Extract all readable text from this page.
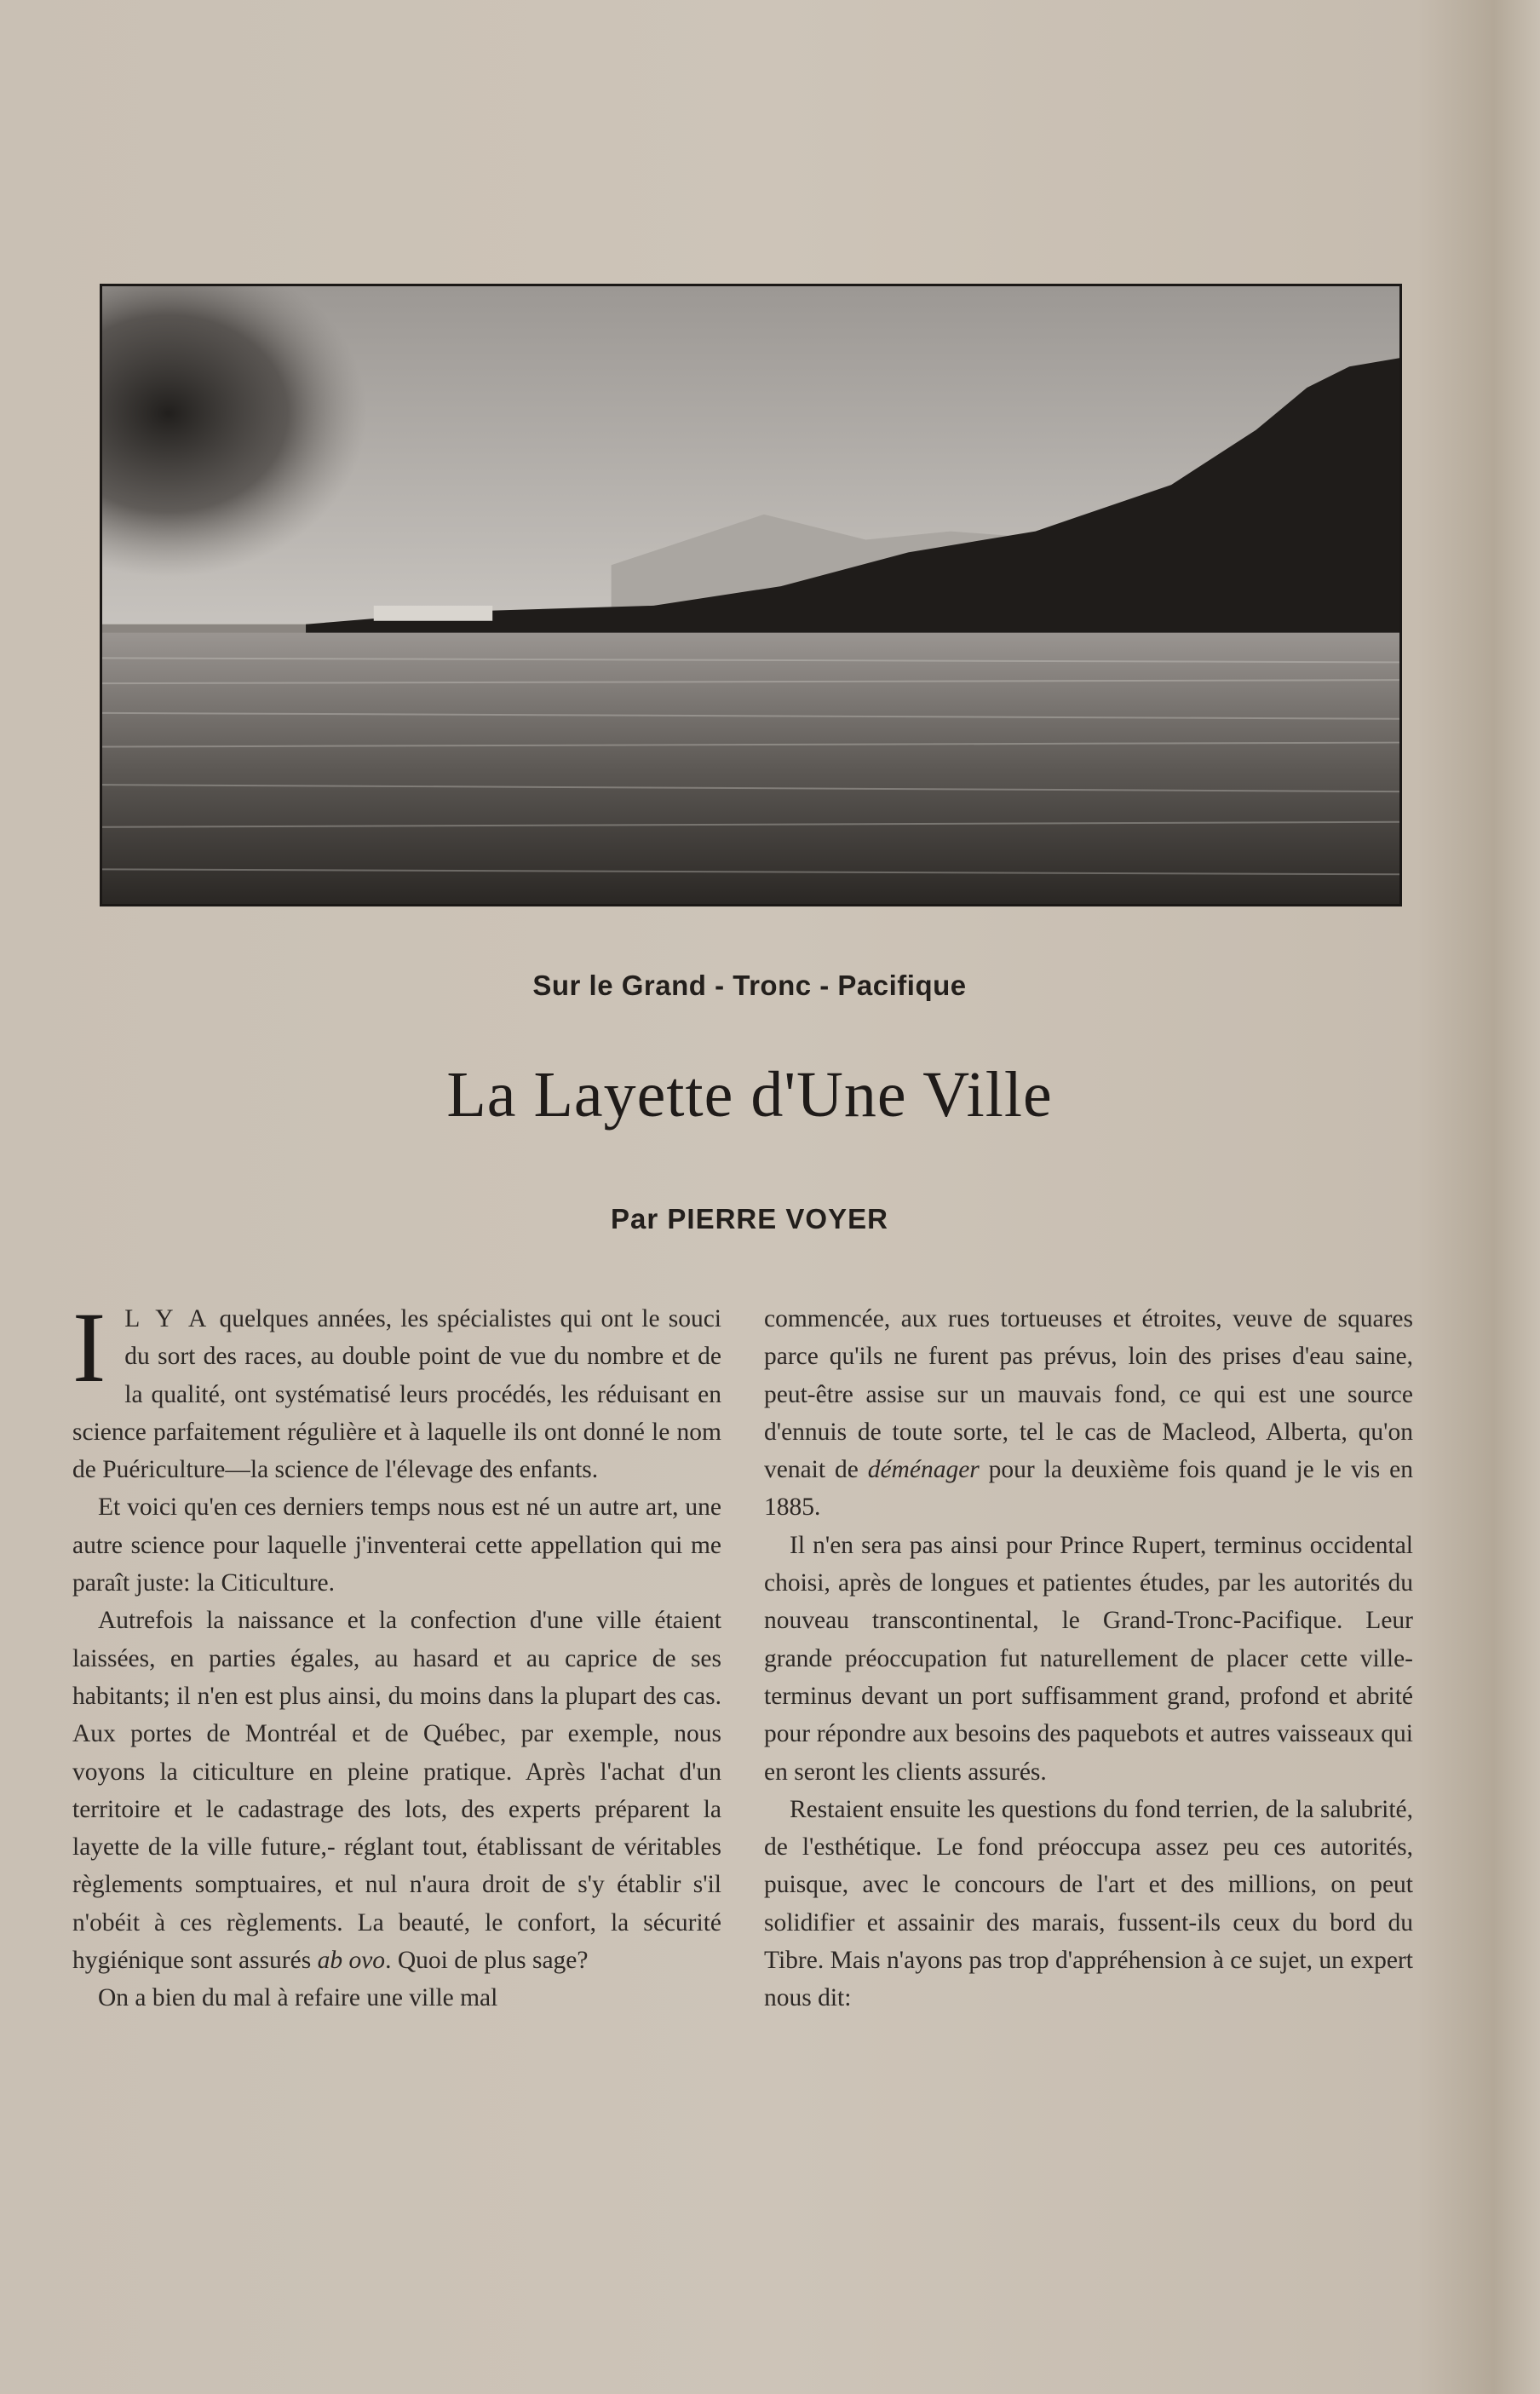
Sur le Grand - Tronc - Pacifique
La Layette d'Une Ville
Par PIERRE VOYER

I L Y A quelques années, les spécialistes qui ont le souci du sort des races, au double point de vue du nombre et de la qualité, ont systématisé leurs procédés, les réduisant en science parfaitement régulière et à laquelle ils ont donné le nom de Puériculture—la science de l'élevage des enfants.

Et voici qu'en ces derniers temps nous est né un autre art, une autre science pour laquelle j'inventerai cette appellation qui me paraît juste: la Citiculture.

Autrefois la naissance et la confection d'une ville étaient laissées, en parties égales, au hasard et au caprice de ses habitants; il n'en est plus ainsi, du moins dans la plupart des cas. Aux portes de Montréal et de Québec, par exemple, nous voyons la citiculture en pleine pratique. Après l'achat d'un territoire et le cadastrage des lots, des experts préparent la layette de la ville future,- réglant tout, établissant de véritables règlements somptuaires, et nul n'aura droit de s'y établir s'il n'obéit à ces règlements. La beauté, le confort, la sécurité hygiénique sont assurés ab ovo. Quoi de plus sage?

On a bien du mal à refaire une ville mal

commencée, aux rues tortueuses et étroites, veuve de squares parce qu'ils ne furent pas prévus, loin des prises d'eau saine, peut-être assise sur un mauvais fond, ce qui est une source d'ennuis de toute sorte, tel le cas de Macleod, Alberta, qu'on venait de déménager pour la deuxième fois quand je le vis en 1885.

Il n'en sera pas ainsi pour Prince Rupert, terminus occidental choisi, après de longues et patientes études, par les autorités du nouveau transcontinental, le Grand-Tronc-Pacifique. Leur grande préoccupation fut naturellement de placer cette ville-terminus devant un port suffisamment grand, profond et abrité pour répondre aux besoins des paquebots et autres vaisseaux qui en seront les clients assurés.

Restaient ensuite les questions du fond terrien, de la salubrité, de l'esthétique. Le fond préoccupa assez peu ces autorités, puisque, avec le concours de l'art et des millions, on peut solidifier et assainir des marais, fussent-ils ceux du bord du Tibre. Mais n'ayons pas trop d'appréhension à ce sujet, un expert nous dit:
